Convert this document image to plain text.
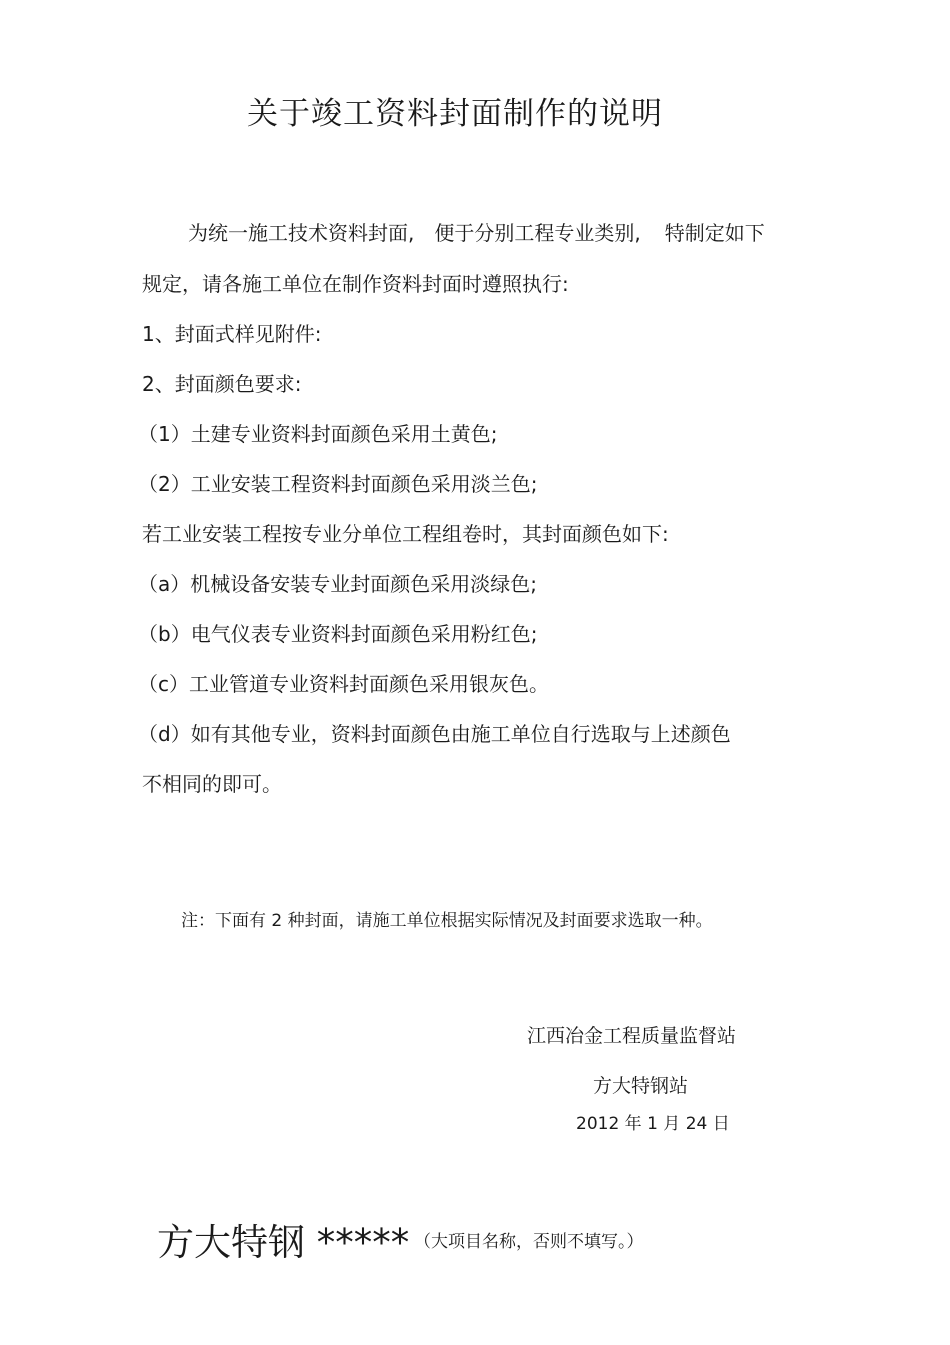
关于竣工资料封面制作的说明
为统一施工技术资料封面, 便于分别工程专业类别, 特制定如下
规定，请各施工单位在制作资料封面时遵照执行:
1、封面式样见附件:
2、封面颜色要求:
（1）土建专业资料封面颜色采用土黄色;
（2）工业安装工程资料封面颜色采用淡兰色;
若工业安装工程按专业分单位工程组卷时，其封面颜色如下:
（a）机械设备安装专业封面颜色采用淡绿色;
（b）电气仪表专业资料封面颜色采用粉红色;
（c）工业管道专业资料封面颜色采用银灰色。
（d）如有其他专业，资料封面颜色由施工单位自行选取与上述颜色
不相同的即可。
注：下面有 2 种封面，请施工单位根据实际情况及封面要求选取一种。
江西冶金工程质量监督站
方大特钢站
2012 年 1 月 24 日
方大特钢 ***** （大项目名称，否则不填写。）
